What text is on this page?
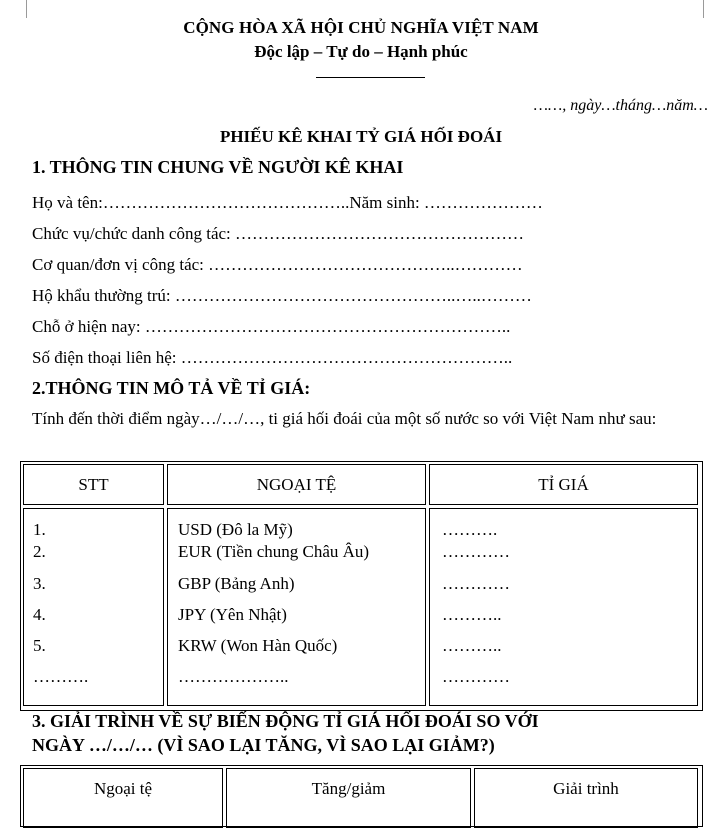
CỘNG HÒA XÃ HỘI CHỦ NGHĨA VIỆT NAM
Độc lập – Tự do – Hạnh phúc
……, ngày…tháng…năm…
PHIẾU KÊ KHAI TỶ GIÁ HỐI ĐOÁI
1. THÔNG TIN CHUNG VỀ NGƯỜI KÊ KHAI
Họ và tên:……………………………………..Năm sinh: …………………
Chức vụ/chức danh công tác: ……………………………………………
Cơ quan/đơn vị công tác: ……………………………………..…………
Hộ khẩu thường trú: …………………………………………..…..………
Chỗ ở hiện nay: ………………………………………………………..
Số điện thoại liên hệ: …………………………………………………..
2.THÔNG TIN MÔ TẢ VỀ TỈ GIÁ:
Tính đến thời điểm ngày…/…/…, ti giá hối đoái của một số nước so với Việt Nam như sau:
STT	NGOẠI TỆ	TỈ GIÁ
1.	USD (Đô la Mỹ)	……….
2.	EUR (Tiền chung Châu Âu)	…………
3.	GBP (Bảng Anh)	…………
4.	JPY (Yên Nhật)	………..
5.	KRW (Won Hàn Quốc)	………..
……….	………………..	…………
3. GIẢI TRÌNH VỀ SỰ BIẾN ĐỘNG TỈ GIÁ HỐI ĐOÁI SO VỚI
NGÀY …/…/… (VÌ SAO LẠI TĂNG, VÌ SAO LẠI GIẢM?)
Ngoại tệ	Tăng/giảm	Giải trình
